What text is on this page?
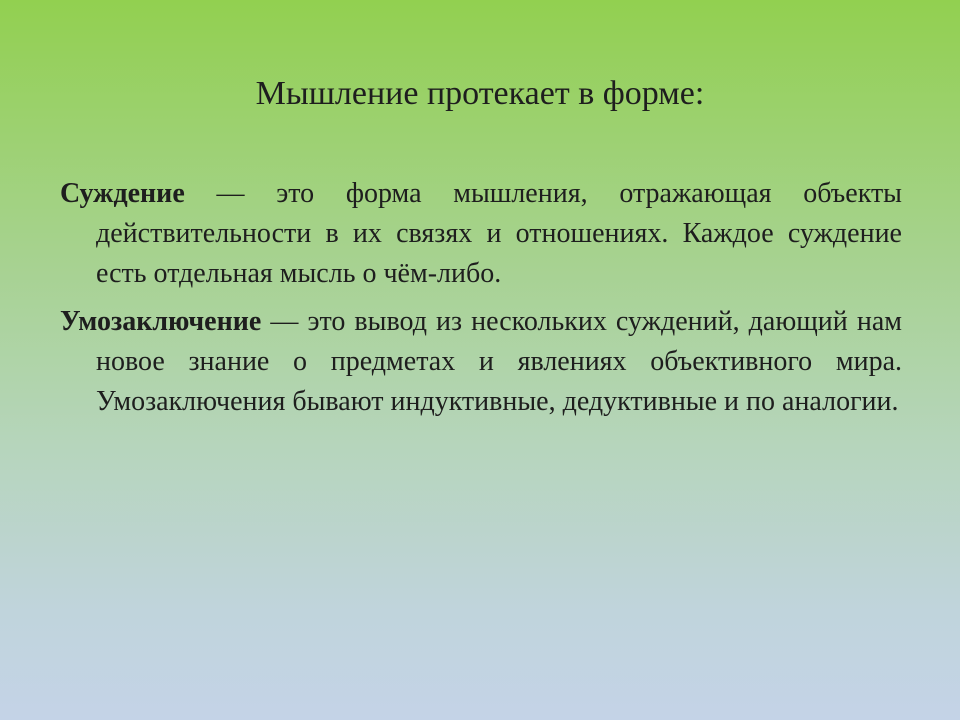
Мышление протекает в форме:

Суждение — это форма мышления, отражающая объекты действительности в их связях и отношениях. Каждое суждение есть отдельная мысль о чём-либо.

Умозаключение — это вывод из нескольких суждений, дающий нам новое знание о предметах и явлениях объективного мира. Умозаключения бывают индуктивные, дедуктивные и по аналогии.
